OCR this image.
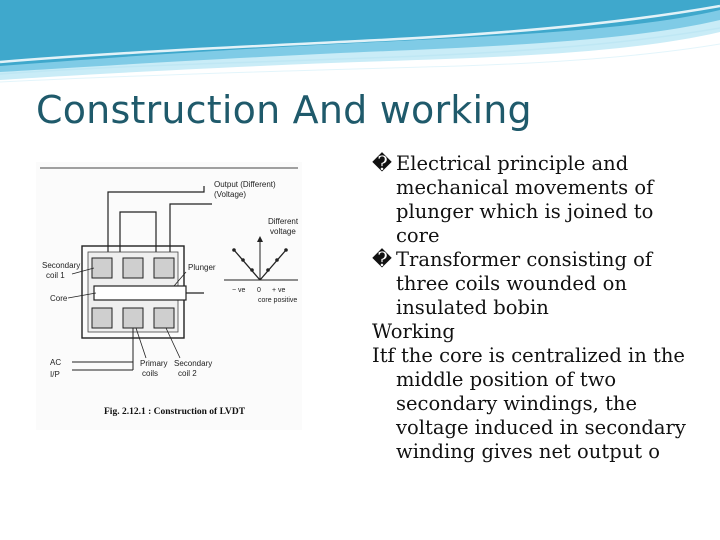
Construction And working
Output (Different)
(Voltage)
Secondary
coil 1
Core
Plunger
Different
voltage
− ve 0 + ve
core positive
AC
I/P
Primary
coils
Secondary
coil 2
Fig. 2.12.1 : Construction of LVDT

� Electrical principle and mechanical movements of plunger which is joined to core

� Transformer consisting of three coils wounded on insulated bobin

Working

Itf the core is centralized in the middle position of two secondary windings, the voltage induced in secondary winding gives net output o
